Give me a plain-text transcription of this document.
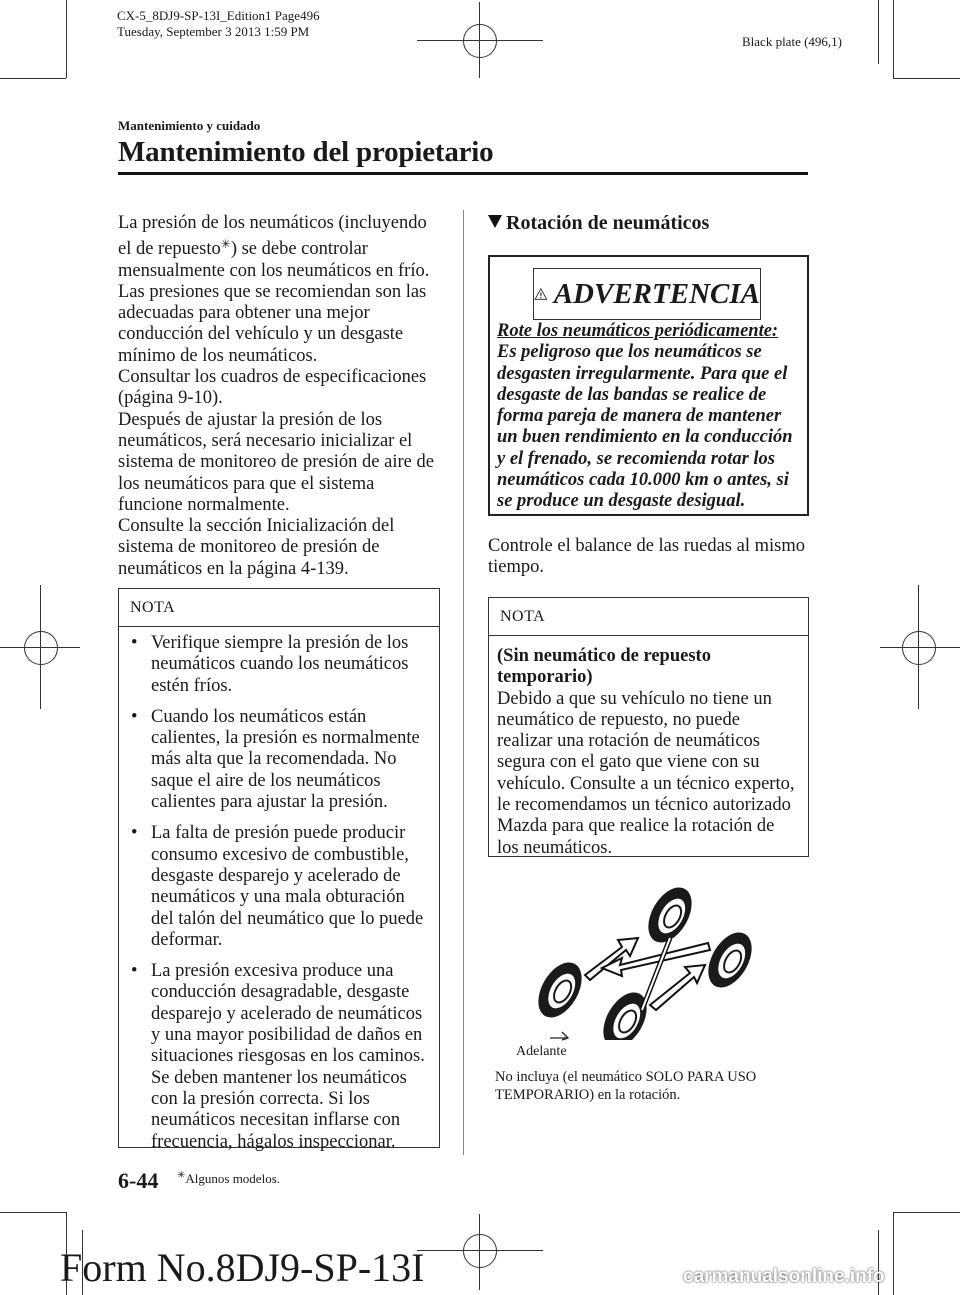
CX-5_8DJ9-SP-13I_Edition1 Page496
Tuesday, September 3 2013 1:59 PM
Black plate (496,1)
Mantenimiento y cuidado
Mantenimiento del propietario

La presión de los neumáticos (incluyendo el de repuesto✳) se debe controlar mensualmente con los neumáticos en frío. Las presiones que se recomiendan son las adecuadas para obtener una mejor conducción del vehículo y un desgaste mínimo de los neumáticos.

Consultar los cuadros de especificaciones (página 9-10).

Después de ajustar la presión de los neumáticos, será necesario inicializar el sistema de monitoreo de presión de aire de los neumáticos para que el sistema funcione normalmente.

Consulte la sección Inicialización del sistema de monitoreo de presión de neumáticos en la página 4-139.

NOTA
• Verifique siempre la presión de los neumáticos cuando los neumáticos estén fríos.
• Cuando los neumáticos están calientes, la presión es normalmente más alta que la recomendada. No saque el aire de los neumáticos calientes para ajustar la presión.
• La falta de presión puede producir consumo excesivo de combustible, desgaste desparejo y acelerado de neumáticos y una mala obturación del talón del neumático que lo puede deformar.
• La presión excesiva produce una conducción desagradable, desgaste desparejo y acelerado de neumáticos y una mayor posibilidad de daños en situaciones riesgosas en los caminos. Se deben mantener los neumáticos con la presión correcta. Si los neumáticos necesitan inflarse con frecuencia, hágalos inspeccionar.
Rotación de neumáticos
ADVERTENCIA
Rote los neumáticos periódicamente:
Es peligroso que los neumáticos se desgasten irregularmente. Para que el desgaste de las bandas se realice de forma pareja de manera de mantener un buen rendimiento en la conducción y el frenado, se recomienda rotar los neumáticos cada 10.000 km o antes, si se produce un desgaste desigual.

Controle el balance de las ruedas al mismo tiempo.

NOTA
(Sin neumático de repuesto temporario)
Debido a que su vehículo no tiene un neumático de repuesto, no puede realizar una rotación de neumáticos segura con el gato que viene con su vehículo. Consulte a un técnico experto, le recomendamos un técnico autorizado Mazda para que realice la rotación de los neumáticos.
Adelante

No incluya (el neumático SOLO PARA USO TEMPORARIO) en la rotación.

6-44 ✳Algunos modelos.
Form No.8DJ9-SP-13I	carmanualsonline.info
